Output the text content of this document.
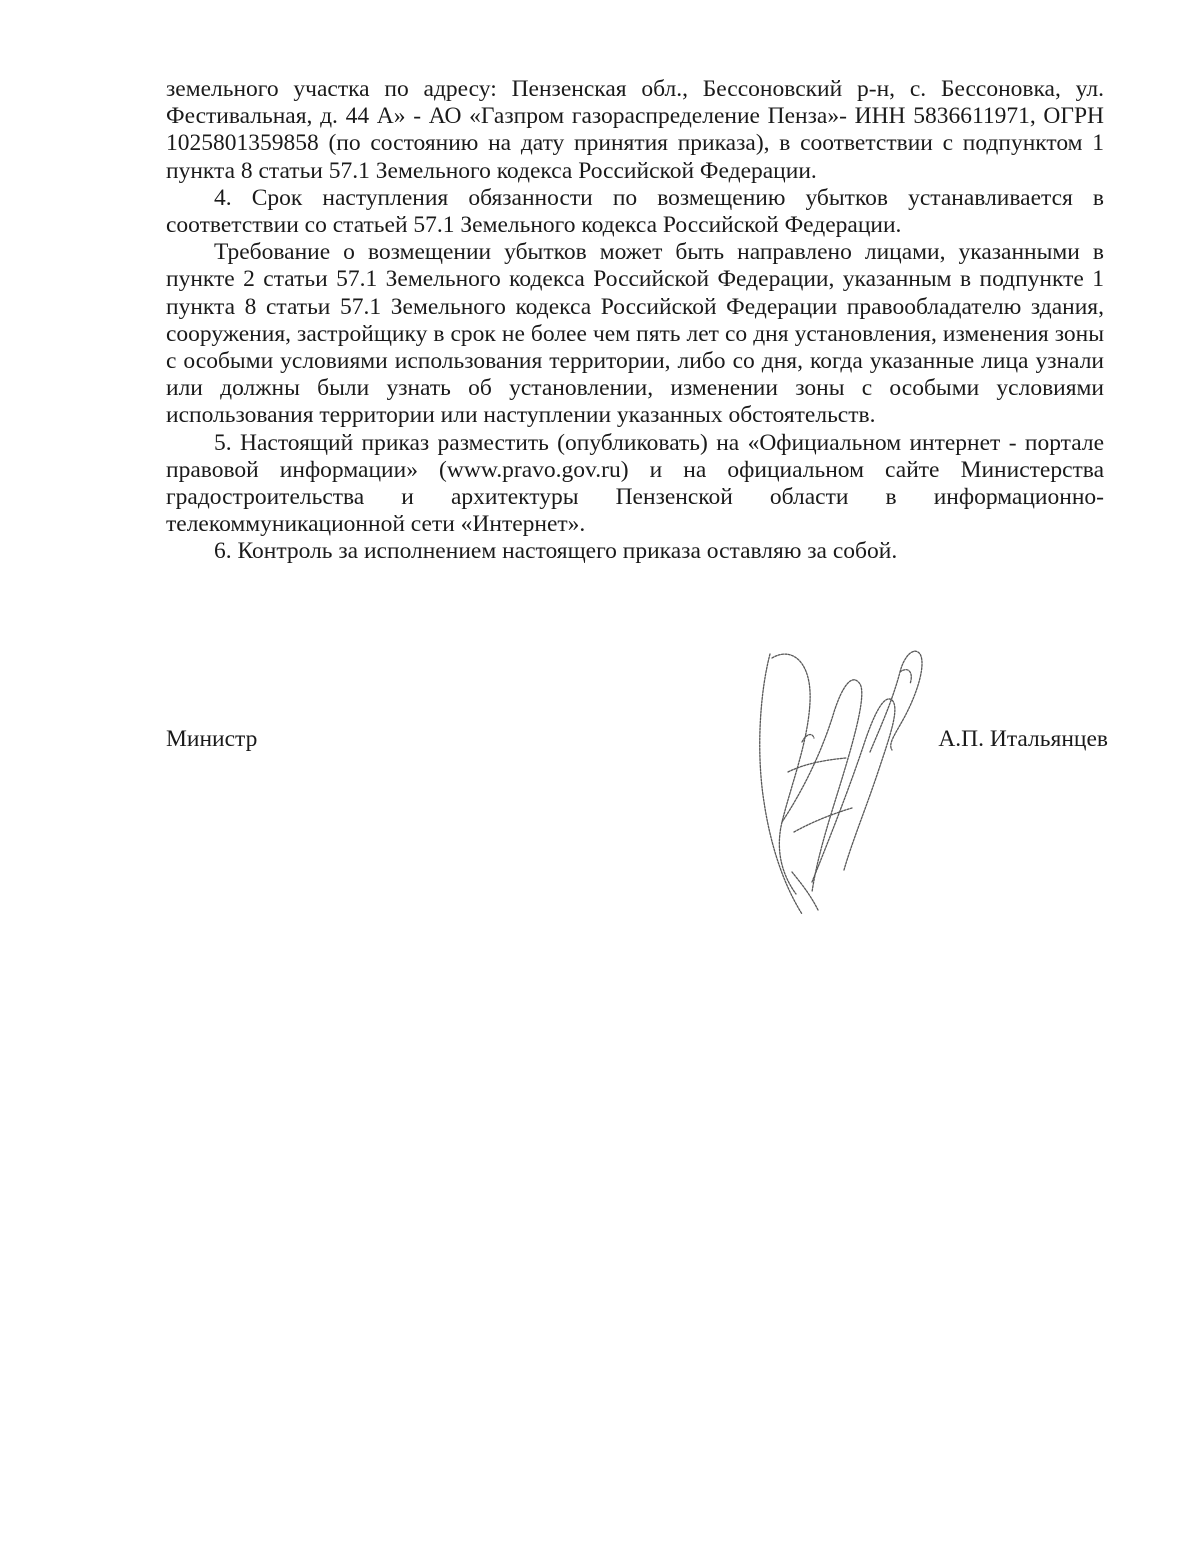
земельного участка по адресу: Пензенская обл., Бессоновский р-н, с. Бессоновка, ул. Фестивальная, д. 44 А» - АО «Газпром газораспределение Пенза»- ИНН 5836611971, ОГРН 1025801359858 (по состоянию на дату принятия приказа), в соответствии с подпунктом 1 пункта 8 статьи 57.1 Земельного кодекса Российской Федерации.

4. Срок наступления обязанности по возмещению убытков устанавливается в соответствии со статьей 57.1 Земельного кодекса Российской Федерации.

Требование о возмещении убытков может быть направлено лицами, указанными в пункте 2 статьи 57.1 Земельного кодекса Российской Федерации, указанным в подпункте 1 пункта 8 статьи 57.1 Земельного кодекса Российской Федерации правообладателю здания, сооружения, застройщику в срок не более чем пять лет со дня установления, изменения зоны с особыми условиями использования территории, либо со дня, когда указанные лица узнали или должны были узнать об установлении, изменении зоны с особыми условиями использования территории или наступлении указанных обстоятельств.

5. Настоящий приказ разместить (опубликовать) на «Официальном интернет - портале правовой информации» (www.pravo.gov.ru) и на официальном сайте Министерства градостроительства и архитектуры Пензенской области в информационно-телекоммуникационной сети «Интернет».

6. Контроль за исполнением настоящего приказа оставляю за собой.

Министр	А.П. Итальянцев
